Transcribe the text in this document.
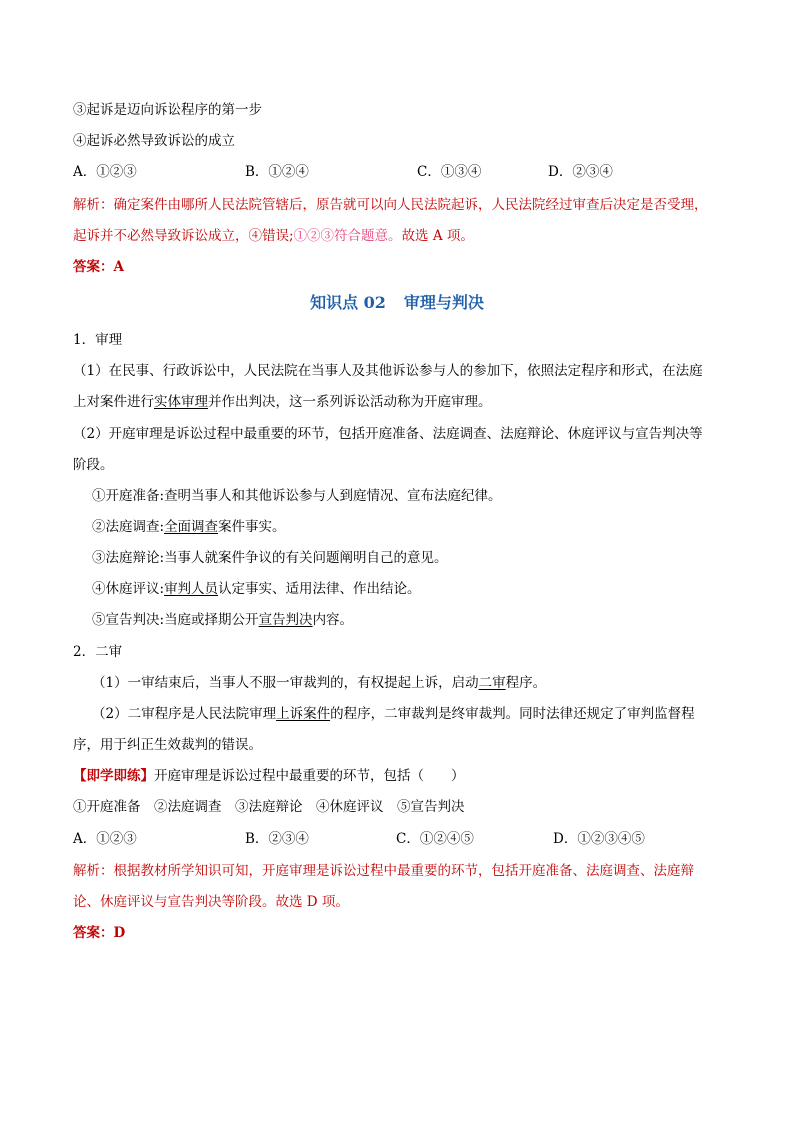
③起诉是迈向诉讼程序的第一步
④起诉必然导致诉讼的成立
A．①②③	B．①②④	C．①③④	D．②③④
解析：确定案件由哪所人民法院管辖后，原告就可以向人民法院起诉，人民法院经过审查后决定是否受理，
起诉并不必然导致诉讼成立，④错误;①②③符合题意。故选 A 项。
答案：A
知识点 02 审理与判决
1．审理
（1）在民事、行政诉讼中，人民法院在当事人及其他诉讼参与人的参加下，依照法定程序和形式，在法庭
上对案件进行实体审理并作出判决，这一系列诉讼活动称为开庭审理。
（2）开庭审理是诉讼过程中最重要的环节，包括开庭准备、法庭调查、法庭辩论、休庭评议与宣告判决等
阶段。
①开庭准备:查明当事人和其他诉讼参与人到庭情况、宣布法庭纪律。
②法庭调查:全面调查案件事实。
③法庭辩论:当事人就案件争议的有关问题阐明自己的意见。
④休庭评议:审判人员认定事实、适用法律、作出结论。
⑤宣告判决:当庭或择期公开宣告判决内容。
2．二审
（1）一审结束后，当事人不服一审裁判的，有权提起上诉，启动二审程序。
（2）二审程序是人民法院审理上诉案件的程序，二审裁判是终审裁判。同时法律还规定了审判监督程
序，用于纠正生效裁判的错误。
【即学即练】开庭审理是诉讼过程中最重要的环节，包括（　　）
①开庭准备　②法庭调查　③法庭辩论　④休庭评议　⑤宣告判决
A．①②③	B．②③④	C．①②④⑤	D．①②③④⑤
解析：根据教材所学知识可知，开庭审理是诉讼过程中最重要的环节，包括开庭准备、法庭调查、法庭辩
论、休庭评议与宣告判决等阶段。故选 D 项。
答案：D
